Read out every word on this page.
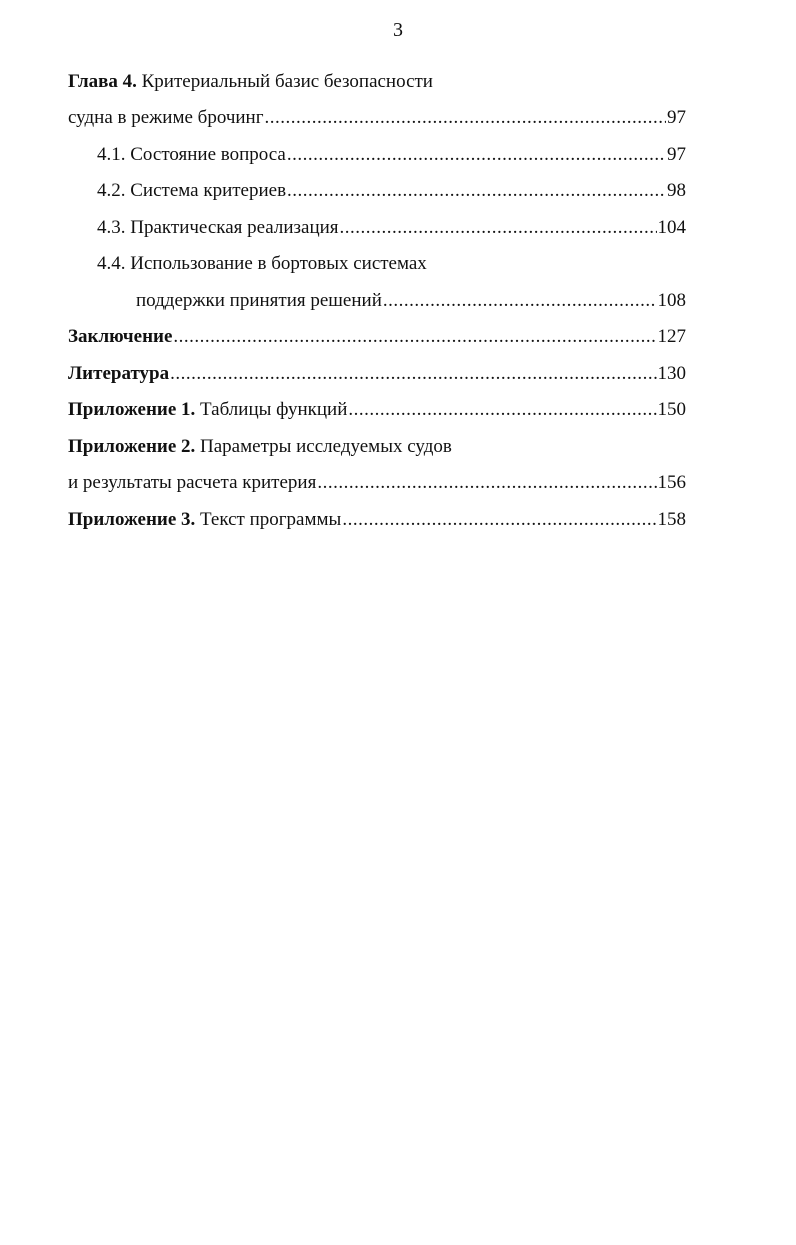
3
Глава 4.
Критериальный базис безопасности
судна в режиме брочинг .....	97
4.1. Состояние вопроса .....	97
4.2. Система критериев .....	98
4.3. Практическая реализация .....	104
4.4. Использование в бортовых системах
поддержки принятия решений .....	108
Заключение .....	127
Литература .....	130
Приложение 1.
Таблицы функций .....	150
Приложение 2.
Параметры исследуемых судов
и результаты расчета критерия .....	156
Приложение 3.
Текст программы .....	158
